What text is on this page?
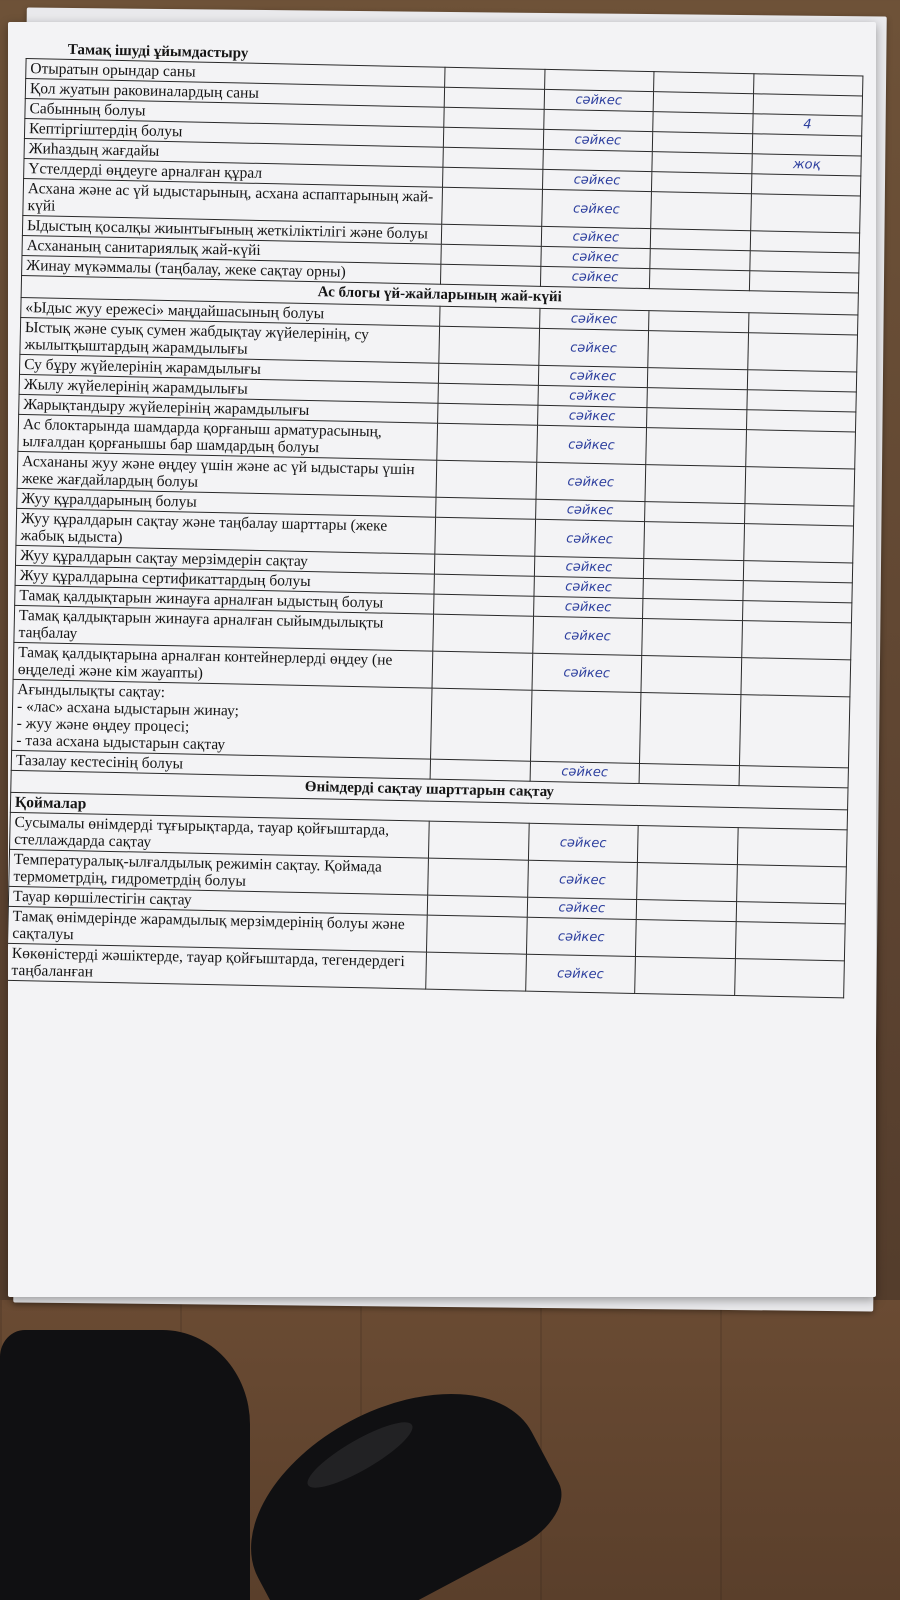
Тамақ ішуді ұйымдастыру
Отыратын орындар саны				
Қол жуатын раковиналардың саны		сәйкес		
Сабынның болуы				4
Кептіргіштердің болуы		сәйкес		
Жиһаздың жағдайы				жоқ
Үстелдерді өңдеуге арналған құрал		сәйкес		
Асхана және ас үй ыдыстарының, асхана аспаптарының жай-күйі		сәйкес		
Ыдыстың қосалқы жиынтығының жеткіліктілігі және болуы		сәйкес		
Асхананың санитариялық жай-күйі		сәйкес		
Жинау мүкәммалы (таңбалау, жеке сақтау орны)		сәйкес		
Ас блогы үй-жайларының жай-күйі				
«Ыдыс жуу ережесі» маңдайшасының болуы		сәйкес		
Ыстық және суық сумен жабдықтау жүйелерінің, су жылытқыштардың жарамдылығы		сәйкес		
Су бұру жүйелерінің жарамдылығы		сәйкес		
Жылу жүйелерінің жарамдылығы		сәйкес		
Жарықтандыру жүйелерінің жарамдылығы		сәйкес		
Ас блоктарында шамдарда қорғаныш арматурасының, ылғалдан қорғанышы бар шамдардың болуы		сәйкес		
Асхананы жуу және өңдеу үшін және ас үй ыдыстары үшін жеке жағдайлардың болуы		сәйкес		
Жуу құралдарының болуы		сәйкес		
Жуу құралдарын сақтау және таңбалау шарттары (жеке жабық ыдыста)		сәйкес		
Жуу құралдарын сақтау мерзімдерін сақтау		сәйкес		
Жуу құралдарына сертификаттардың болуы		сәйкес		
Тамақ қалдықтарын жинауға арналған ыдыстың болуы		сәйкес		
Тамақ қалдықтарын жинауға арналған сыйымдылықты таңбалау		сәйкес		
Тамақ қалдықтарына арналған контейнерлерді өңдеу (не өңделеді және кім жауапты)		сәйкес		
Ағындылықты сақтау:
- «лас» асхана ыдыстарын жинау;
- жуу және өңдеу процесі;
- таза асхана ыдыстарын сақтау				
Тазалау кестесінің болуы		сәйкес		
Өнімдерді сақтау шарттарын сақтау				
Қоймалар				
Сусымалы өнімдерді тұғырықтарда, тауар қойғыштарда, стеллаждарда сақтау		сәйкес		
Температуралық-ылғалдылық режимін сақтау. Қоймада термометрдің, гидрометрдің болуы		сәйкес		
Тауар көршілестігін сақтау		сәйкес		
Тамақ өнімдерінде жарамдылық мерзімдерінің болуы және сақталуы		сәйкес		
Көкөністерді жәшіктерде, тауар қойғыштарда, тегендердегі таңбаланған		сәйкес		
